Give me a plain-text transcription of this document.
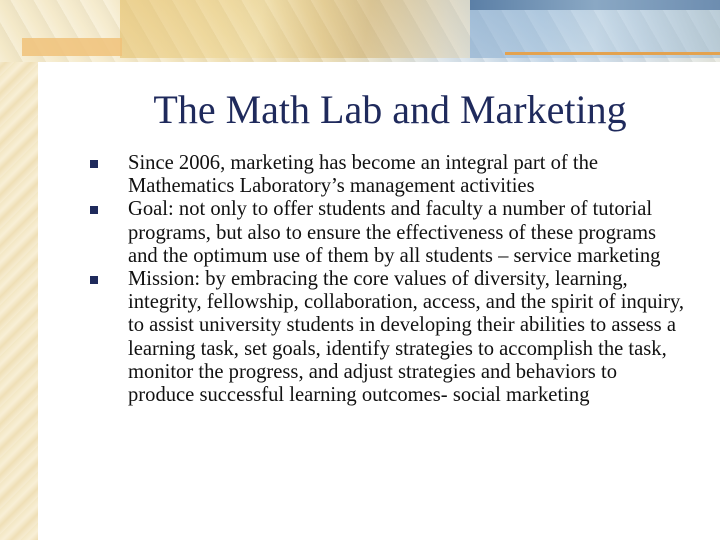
The Math Lab and Marketing
Since 2006, marketing has become an integral part of the Mathematics Laboratory’s management activities
Goal: not only to offer students and faculty a number of tutorial programs, but also to ensure the effectiveness of these programs and the optimum use of them by all students – service marketing
Mission: by embracing the core values of diversity, learning, integrity, fellowship, collaboration, access, and the spirit of inquiry, to assist university students in developing their abilities to assess a learning task, set goals, identify strategies to accomplish the task, monitor the progress, and adjust strategies and behaviors to produce successful learning outcomes- social marketing
